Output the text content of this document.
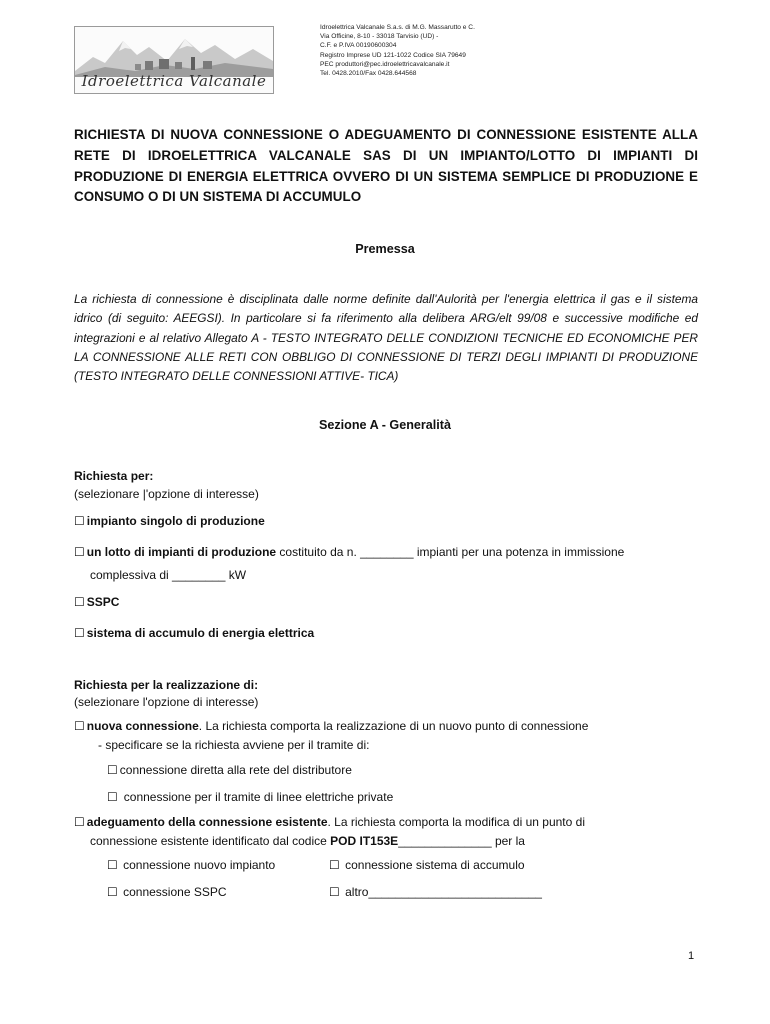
Idroelettrica Valcanale
Idroelettrica Valcanale S.a.s. di M.G. Massarutto e C.
Via Officine, 8-10 - 33018 Tarvisio (UD) -
C.F. e P.IVA 00190600304
Registro Imprese UD 121-1022 Codice SIA 79649
PEC produttori@pec.idroelettricavalcanale.it
Tel. 0428.2010/Fax 0428.644568
RICHIESTA DI NUOVA CONNESSIONE O ADEGUAMENTO DI CONNESSIONE ESISTENTE ALLA RETE DI IDROELETTRICA VALCANALE SAS DI UN IMPIANTO/LOTTO DI IMPIANTI DI PRODUZIONE DI ENERGIA ELETTRICA OVVERO DI UN SISTEMA SEMPLICE DI PRODUZIONE E CONSUMO O DI UN SISTEMA DI ACCUMULO
Premessa
La richiesta di connessione è disciplinata dalle norme definite dall'Aulorità per l'energia elettrica il gas e il sistema idrico (di seguito: AEEGSI). In particolare si fa riferimento alla delibera ARG/elt 99/08 e successive modifiche ed integrazioni e al relativo Allegato A - TESTO INTEGRATO DELLE CONDIZIONI TECNICHE ED ECONOMICHE PER LA CONNESSIONE ALLE RETI CON OBBLIGO DI CONNESSIONE DI TERZI DEGLI IMPIANTI DI PRODUZIONE (TESTO INTEGRATO DELLE CONNESSIONI ATTIVE- TICA)
Sezione A - Generalità
Richiesta per:
(selezionare |'opzione di interesse)
☐ impianto singolo di produzione
☐ un lotto di impianti di produzione costituito da n. ________ impianti per una potenza in immissione
complessiva di ________ kW
☐ SSPC
☐ sistema di accumulo di energia elettrica
Richiesta per la realizzazione di:
(selezionare l'opzione di interesse)
☐ nuova connessione. La richiesta comporta la realizzazione di un nuovo punto di connessione
- specificare se la richiesta avviene per il tramite di:
☐ connessione diretta alla rete del distributore
☐ connessione per il tramite di linee elettriche private
☐ adeguamento della connessione esistente. La richiesta comporta la modifica di un punto di
connessione esistente identificato dal codice POD IT153E______________ per la
☐ connessione nuovo impianto	☐ connessione sistema di accumulo
☐ connessione SSPC	☐ altro__________________________
1
